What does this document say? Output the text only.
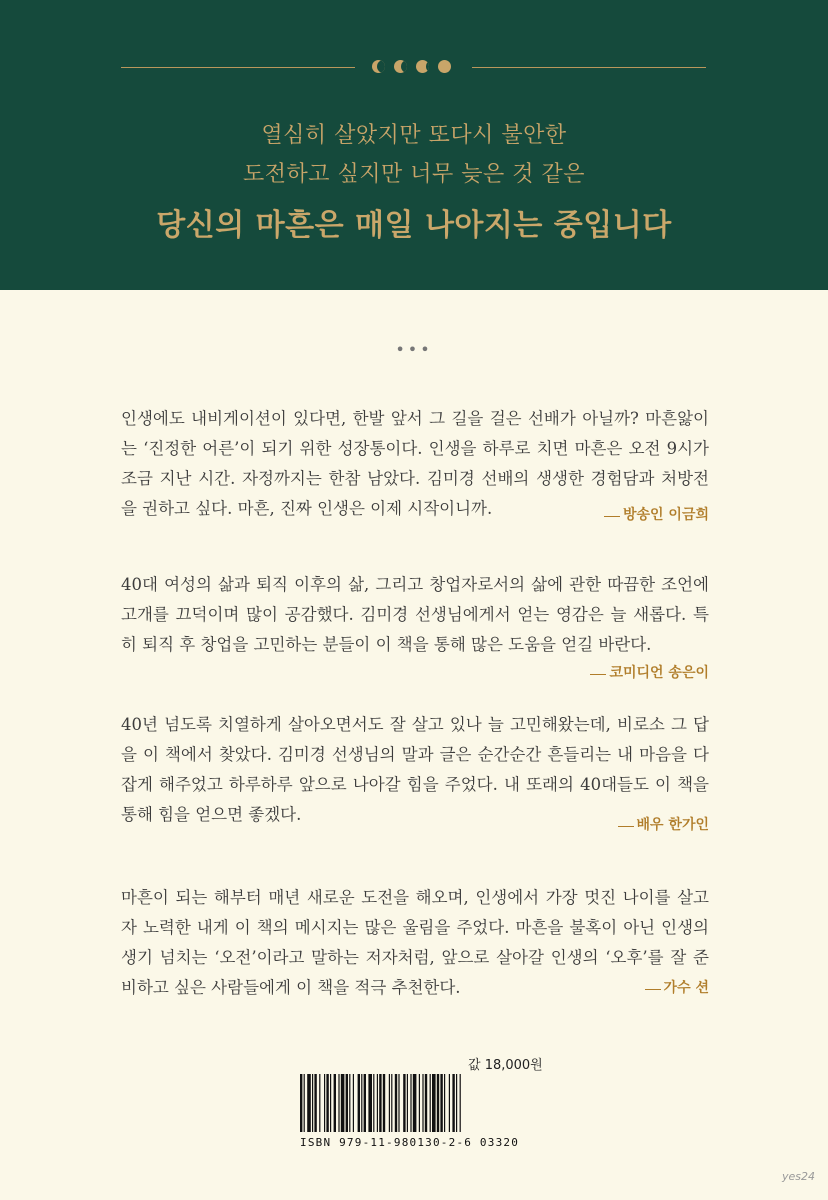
열심히 살았지만 또다시 불안한
도전하고 싶지만 너무 늦은 것 같은
당신의 마흔은 매일 나아지는 중입니다
•••

인생에도 내비게이션이 있다면, 한발 앞서 그 길을 걸은 선배가 아닐까? 마흔앓이는 ‘진정한 어른’이 되기 위한 성장통이다. 인생을 하루로 치면 마흔은 오전 9시가 조금 지난 시간. 자정까지는 한참 남았다. 김미경 선배의 생생한 경험담과 처방전을 권하고 싶다. 마흔, 진짜 인생은 이제 시작이니까.	방송인 이금희

40대 여성의 삶과 퇴직 이후의 삶, 그리고 창업자로서의 삶에 관한 따끔한 조언에 고개를 끄덕이며 많이 공감했다. 김미경 선생님에게서 얻는 영감은 늘 새롭다. 특히 퇴직 후 창업을 고민하는 분들이 이 책을 통해 많은 도움을 얻길 바란다.

코미디언 송은이

40년 넘도록 치열하게 살아오면서도 잘 살고 있나 늘 고민해왔는데, 비로소 그 답을 이 책에서 찾았다. 김미경 선생님의 말과 글은 순간순간 흔들리는 내 마음을 다잡게 해주었고 하루하루 앞으로 나아갈 힘을 주었다. 내 또래의 40대들도 이 책을 통해 힘을 얻으면 좋겠다.

배우 한가인

마흔이 되는 해부터 매년 새로운 도전을 해오며, 인생에서 가장 멋진 나이를 살고자 노력한 내게 이 책의 메시지는 많은 울림을 주었다. 마흔을 불혹이 아닌 인생의 생기 넘치는 ‘오전’이라고 말하는 저자처럼, 앞으로 살아갈 인생의 ‘오후’를 잘 준비하고 싶은 사람들에게 이 책을 적극 추천한다.	가수 션
값 18,000원
ISBN 979-11-980130-2-6 03320
yes24
